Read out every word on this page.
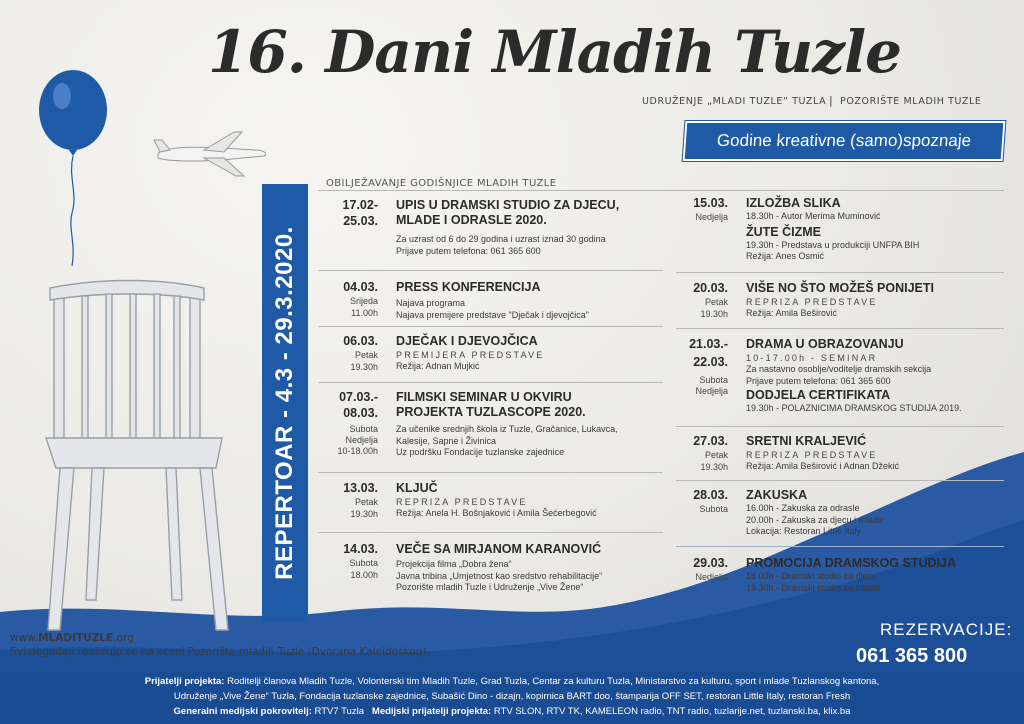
16. Dani Mladih Tuzle
UDRUŽENJE „MLADI TUZLE“ TUZLA | POZORIŠTE MLADIH TUZLE
Godine kreativne (samo)spoznaje
REPERTOAR - 4.3 - 29.3.2020.
OBILJEŽAVANJE GODIŠNJICE MLADIH TUZLE
17.02-
25.03.
UPIS U DRAMSKI STUDIO ZA DJECU,
MLADE I ODRASLE 2020.
Za uzrast od 6 do 29 godina i uzrast iznad 30 godina
Prijave putem telefona: 061 365 600
04.03.
Srijeda
11.00h
PRESS KONFERENCIJA
Najava programa
Najava premijere predstave "Dječak i djevojčica"
06.03.
Petak
19.30h
DJEČAK I DJEVOJČICA
PREMIJERA PREDSTAVE
Režija: Adnan Mujkić
07.03.-
08.03.
Subota
Nedjelja
10-18.00h
FILMSKI SEMINAR U OKVIRU
PROJEKTA TUZLASCOPE 2020.
Za učenike srednjih škola iz Tuzle, Gračanice, Lukavca,
Kalesije, Sapne i Živinica
Uz podršku Fondacije tuzlanske zajednice
13.03.
Petak
19.30h
KLJUČ
REPRIZA PREDSTAVE
Režija: Anela H. Bošnjaković i Amila Šećerbegović
14.03.
Subota
18.00h
VEČE SA MIRJANOM KARANOVIĆ
Projekcija filma „Dobra žena“
Javna tribina „Umjetnost kao sredstvo rehabilitacije“
Pozorište mladih Tuzle i Udruženje „Vive Žene“
15.03.
Nedjelja
IZLOŽBA SLIKA
18.30h - Autor Merima Muminović
ŽUTE ČIZME
19.30h - Predstava u produkciji UNFPA BIH
Režija: Anes Osmić
20.03.
Petak
19.30h
VIŠE NO ŠTO MOŽEŠ PONIJETI
REPRIZA PREDSTAVE
Režija: Amila Beširović
21.03.-
22.03.
Subota
Nedjelja
DRAMA U OBRAZOVANJU
10-17.00h - SEMINAR
Za nastavno osoblje/voditelje dramskih sekcija
Prijave putem telefona: 061 365 600
DODJELA CERTIFIKATA
19.30h - POLAZNICIMA DRAMSKOG STUDIJA 2019.
27.03.
Petak
19.30h
SRETNI KRALJEVIĆ
REPRIZA PREDSTAVE
Režija: Amila Beširović i Adnan Džekić
28.03.
Subota
ZAKUSKA
16.00h - Zakuska za odrasle
20.00h - Zakuska za djecu i mlade
Lokacija: Restoran Little Italy
29.03.
Nedjelja
PROMOCIJA DRAMSKOG STUDIJA
16.00h - Dramski studio za djecu
19.30h - Dramski studio za mlade
www.MLADITUZLE.org
Svi događaji realizuju se na sceni Pozorišta mladih Tuzle (Dvorana Kaleidoskop)
REZERVACIJE:
061 365 800
Prijatelji projekta: Roditelji članova Mladih Tuzle, Volonterski tim Mladih Tuzle, Grad Tuzla, Centar za kulturu Tuzla, Ministarstvo za kulturu, sport i mlade Tuzlanskog kantona,
Udruženje „Vive Žene“ Tuzla, Fondacija tuzlanske zajednice, Subašić Dino - dizajn, kopirnica BART doo, štamparija OFF SET, restoran Little Italy, restoran Fresh
Generalni medijski pokrovitelj: RTV7 Tuzla Medijski prijatelji projekta: RTV SLON, RTV TK, KAMELEON radio, TNT radio, tuzlarije.net, tuzlanski.ba, klix.ba
